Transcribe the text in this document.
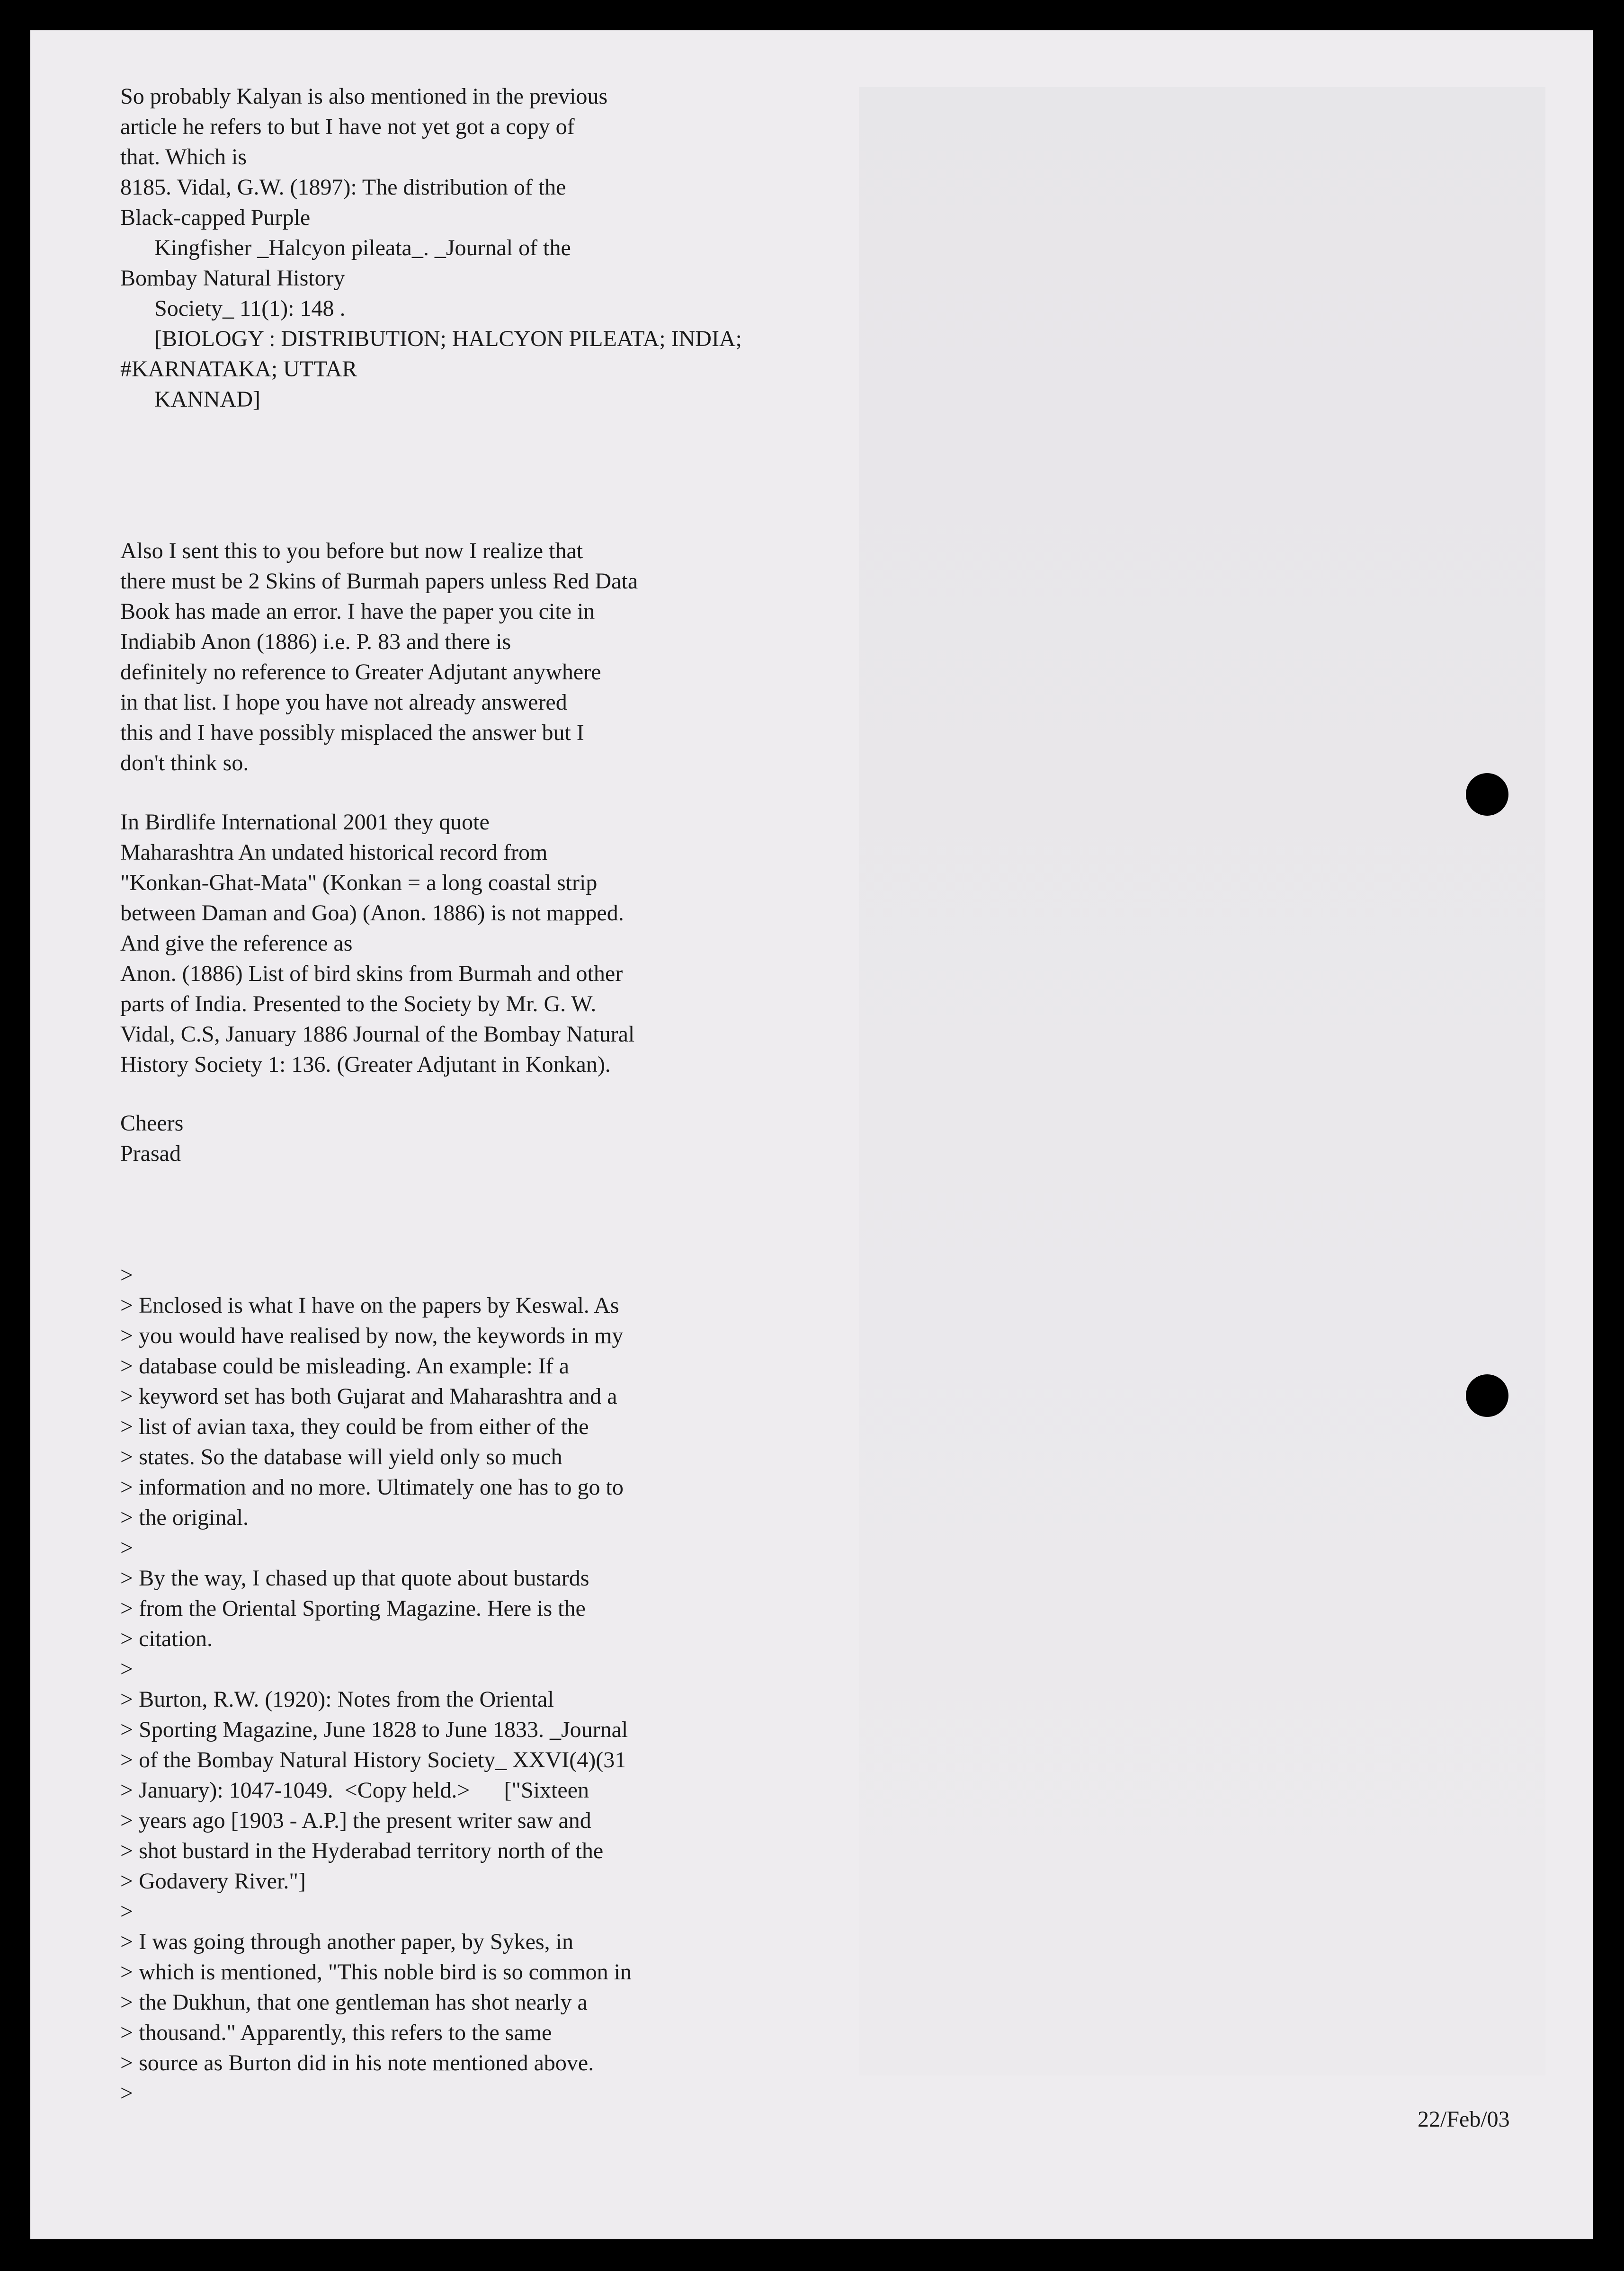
So probably Kalyan is also mentioned in the previous
article he refers to but I have not yet got a copy of
that. Which is
8185. Vidal, G.W. (1897): The distribution of the
Black-capped Purple
Kingfisher _Halcyon pileata_. _Journal of the
Bombay Natural History
Society_ 11(1): 148 .
[BIOLOGY : DISTRIBUTION; HALCYON PILEATA; INDIA;
#KARNATAKA; UTTAR
KANNAD]
Also I sent this to you before but now I realize that
there must be 2 Skins of Burmah papers unless Red Data
Book has made an error. I have the paper you cite in
Indiabib Anon (1886) i.e. P. 83 and there is
definitely no reference to Greater Adjutant anywhere
in that list. I hope you have not already answered
this and I have possibly misplaced the answer but I
don't think so.
In Birdlife International 2001 they quote
Maharashtra An undated historical record from
"Konkan-Ghat-Mata" (Konkan = a long coastal strip
between Daman and Goa) (Anon. 1886) is not mapped.
And give the reference as
Anon. (1886) List of bird skins from Burmah and other
parts of India. Presented to the Society by Mr. G. W.
Vidal, C.S, January 1886 Journal of the Bombay Natural
History Society 1: 136. (Greater Adjutant in Konkan).
Cheers
Prasad
>
> Enclosed is what I have on the papers by Keswal. As
> you would have realised by now, the keywords in my
> database could be misleading. An example: If a
> keyword set has both Gujarat and Maharashtra and a
> list of avian taxa, they could be from either of the
> states. So the database will yield only so much
> information and no more. Ultimately one has to go to
> the original.
>
> By the way, I chased up that quote about bustards
> from the Oriental Sporting Magazine. Here is the
> citation.
>
> Burton, R.W. (1920): Notes from the Oriental
> Sporting Magazine, June 1828 to June 1833. _Journal
> of the Bombay Natural History Society_ XXVI(4)(31
> January): 1047-1049.  <Copy held.>      ["Sixteen
> years ago [1903 - A.P.] the present writer saw and
> shot bustard in the Hyderabad territory north of the
> Godavery River."]
>
> I was going through another paper, by Sykes, in
> which is mentioned, "This noble bird is so common in
> the Dukhun, that one gentleman has shot nearly a
> thousand." Apparently, this refers to the same
> source as Burton did in his note mentioned above.
>
22/Feb/03
